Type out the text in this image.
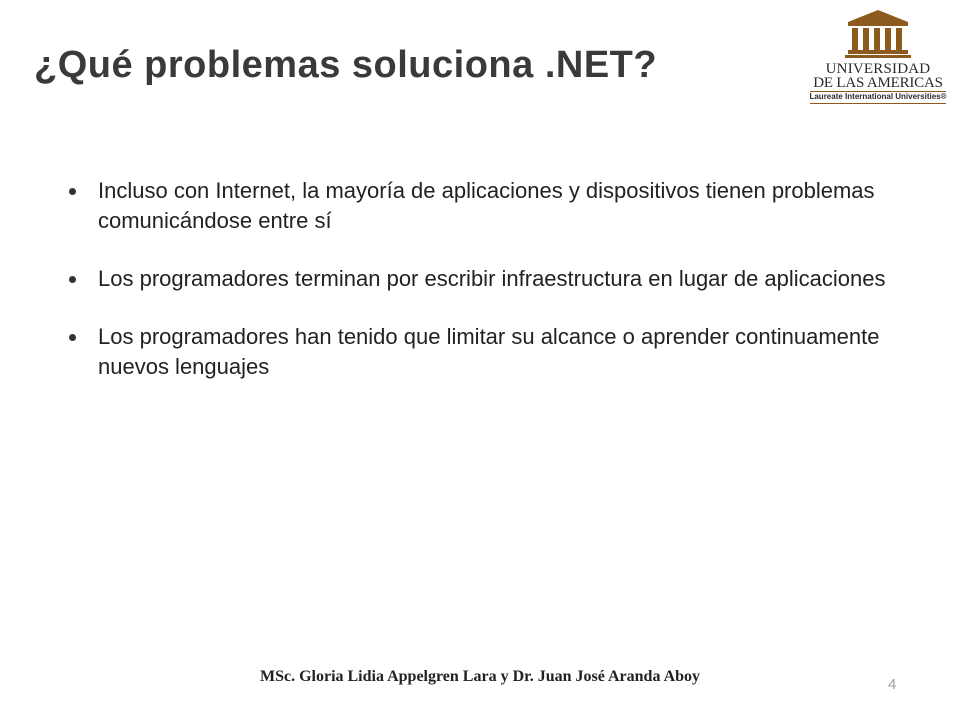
¿Qué problemas soluciona .NET?	UNIVERSIDAD
DE LAS AMERICAS
Laureate International Universities®
Incluso con Internet, la mayoría de aplicaciones y dispositivos tienen problemas comunicándose entre sí
Los programadores terminan por escribir infraestructura en lugar de aplicaciones
Los programadores han tenido que limitar su alcance o aprender continuamente nuevos lenguajes
MSc. Gloria Lidia Appelgren Lara y Dr. Juan José Aranda Aboy	4
